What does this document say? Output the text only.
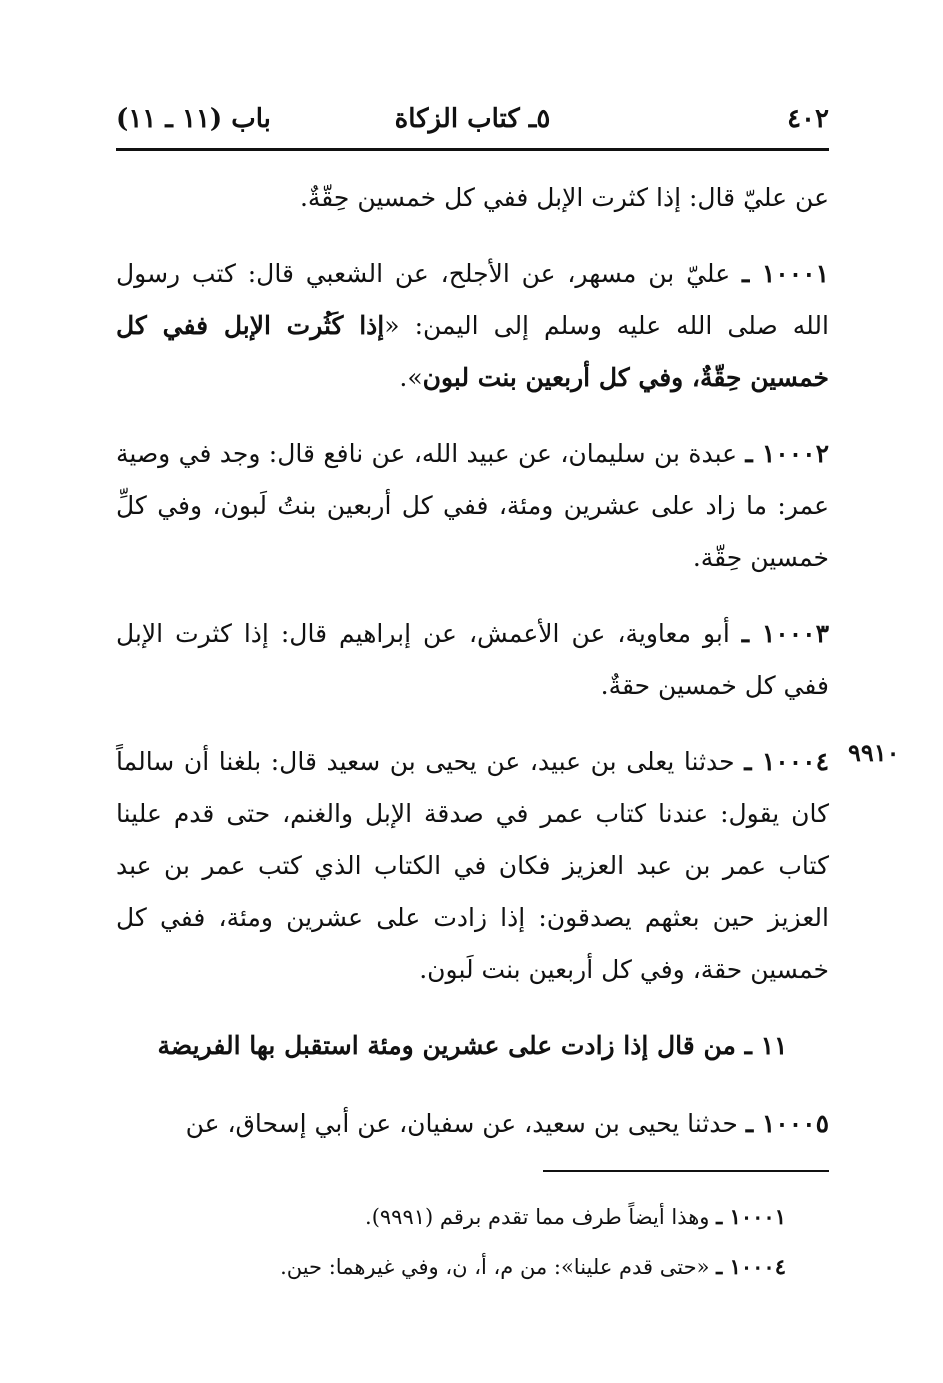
٤٠٢
٥ـ كتاب الزكاة
باب (١١ ـ ١١)

عن عليّ قال: إذا كثرت الإبل ففي كل خمسين حِقّةٌ.

١٠٠٠١ ـ عليّ بن مسهر، عن الأجلح، عن الشعبي قال: كتب رسول الله صلى الله عليه وسلم إلى اليمن: «إذا كَثُرت الإبل ففي كل خمسين حِقّةٌ، وفي كل أربعين بنت لبون».

١٠٠٠٢ ـ عبدة بن سليمان، عن عبيد الله، عن نافع قال: وجد في وصية عمر: ما زاد على عشرين ومئة، ففي كل أربعين بنتُ لَبون، وفي كلِّ خمسين حِقّة.

١٠٠٠٣ ـ أبو معاوية، عن الأعمش، عن إبراهيم قال: إذا كثرت الإبل ففي كل خمسين حقةٌ.

١٠٠٠٤ ـ حدثنا يعلى بن عبيد، عن يحيى بن سعيد قال: بلغنا أن سالماً كان يقول: عندنا كتاب عمر في صدقة الإبل والغنم، حتى قدم علينا كتاب عمر بن عبد العزيز فكان في الكتاب الذي كتب عمر بن عبد العزيز حين بعثهم يصدقون: إذا زادت على عشرين ومئة، ففي كل خمسين حقة، وفي كل أربعين بنت لَبون.

١١ ـ من قال إذا زادت على عشرين ومئة استقبل بها الفريضة

١٠٠٠٥ ـ حدثنا يحيى بن سعيد، عن سفيان، عن أبي إسحاق، عن

٩٩١٠

١٠٠٠١ ـ وهذا أيضاً طرف مما تقدم برقم (٩٩٩١).

١٠٠٠٤ ـ «حتى قدم علينا»: من م، أ، ن، وفي غيرهما: حين.
